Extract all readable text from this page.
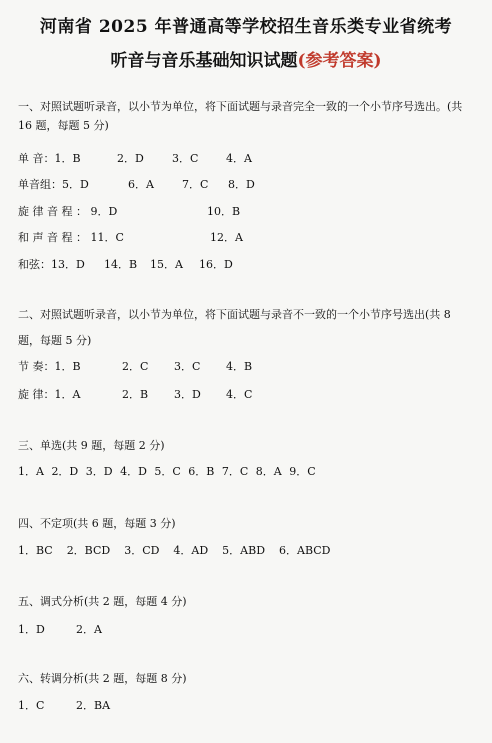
河南省 2025 年普通高等学校招生音乐类专业省统考
听音与音乐基础知识试题(参考答案)
一、对照试题听录音，以小节为单位，将下面试题与录音完全一致的一个小节序号选出。(共
16 题，每题 5 分)
单 音：1．B	2．D	3．C	4．A
单音组：5．D	6．A	7．C 8．D
旋 律 音 程 ： 9．D	10．B
和 声 音 程 ： 11．C	12．A
和弦：13．D 14．B 15．A 16．D
二、对照试题听录音，以小节为单位，将下面试题与录音不一致的一个小节序号选出(共 8
题，每题 5 分)
节 奏：1．B	2．C 3．C 4．B
旋 律：1．A	2．B 3．D 4．C
三、单选(共 9 题，每题 2 分)
1．A 2．D 3．D 4．D 5．C 6．B 7．C 8．A 9．C
四、不定项(共 6 题，每题 3 分)
1．BC    2．BCD    3．CD    4．AD    5．ABD    6．ABCD
五、调式分析(共 2 题，每题 4 分)
1．D	2．A
六、转调分析(共 2 题，每题 8 分)
1．C	2．BA
